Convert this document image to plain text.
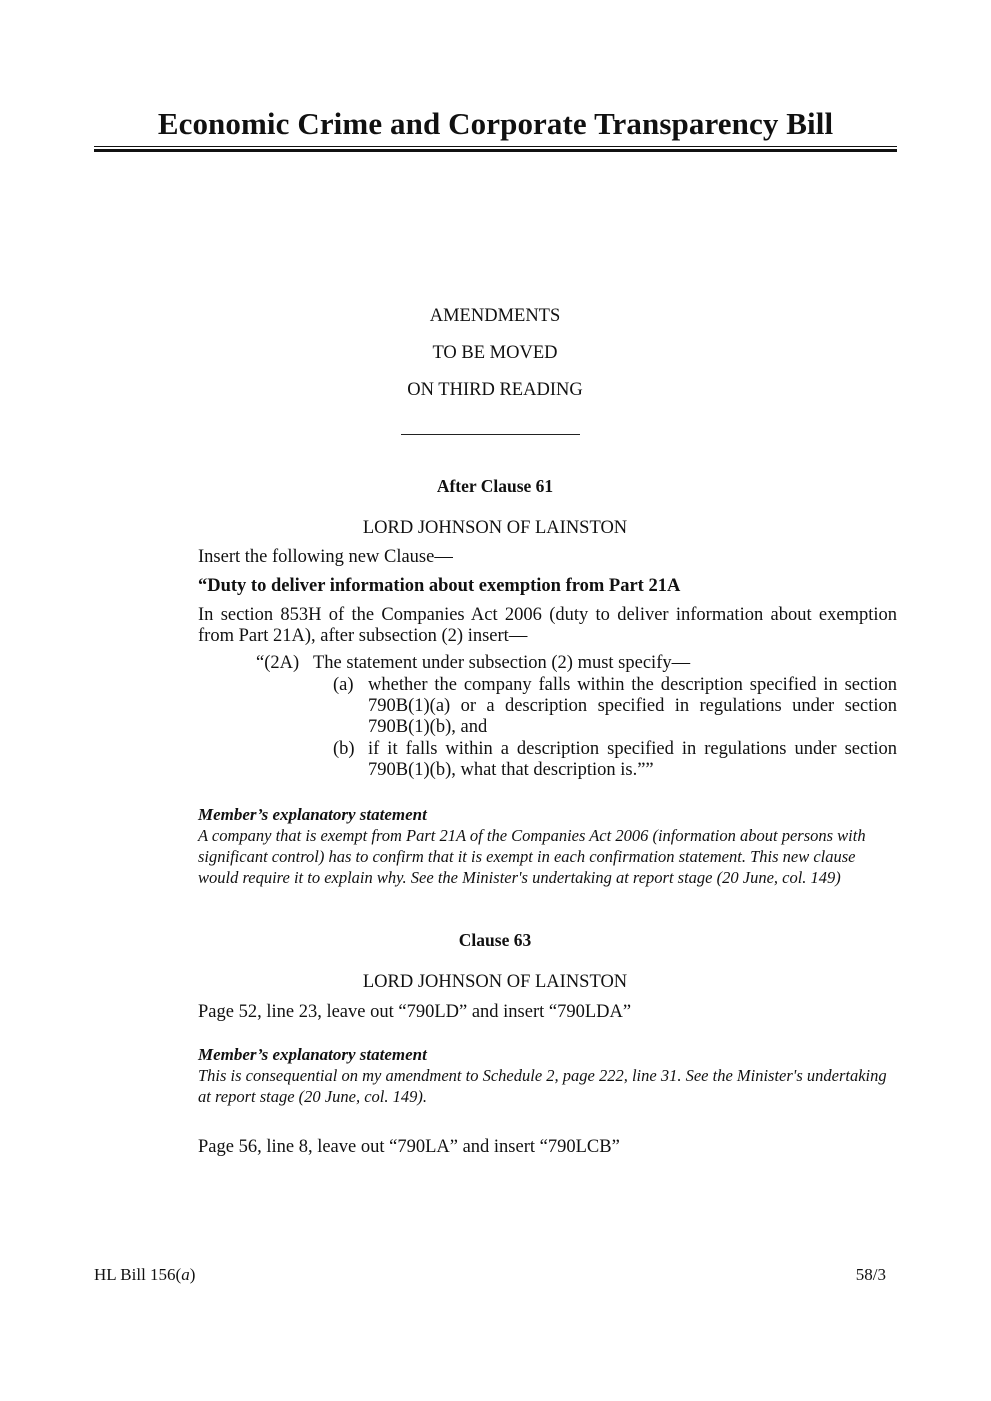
Economic Crime and Corporate Transparency Bill
AMENDMENTS
TO BE MOVED
ON THIRD READING
After Clause 61
LORD JOHNSON OF LAINSTON
Insert the following new Clause—
“Duty to deliver information about exemption from Part 21A
In section 853H of the Companies Act 2006 (duty to deliver information about exemption from Part 21A), after subsection (2) insert—
“(2A) The statement under subsection (2) must specify—
(a) whether the company falls within the description specified in section 790B(1)(a) or a description specified in regulations under section 790B(1)(b), and
(b) if it falls within a description specified in regulations under section 790B(1)(b), what that description is.””
Member’s explanatory statement
A company that is exempt from Part 21A of the Companies Act 2006 (information about persons with significant control) has to confirm that it is exempt in each confirmation statement. This new clause would require it to explain why. See the Minister's undertaking at report stage (20 June, col. 149)
Clause 63
LORD JOHNSON OF LAINSTON
Page 52, line 23, leave out “790LD” and insert “790LDA”
Member’s explanatory statement
This is consequential on my amendment to Schedule 2, page 222, line 31. See the Minister's undertaking at report stage (20 June, col. 149).
Page 56, line 8, leave out “790LA” and insert “790LCB”
HL Bill 156(a)	58/3
